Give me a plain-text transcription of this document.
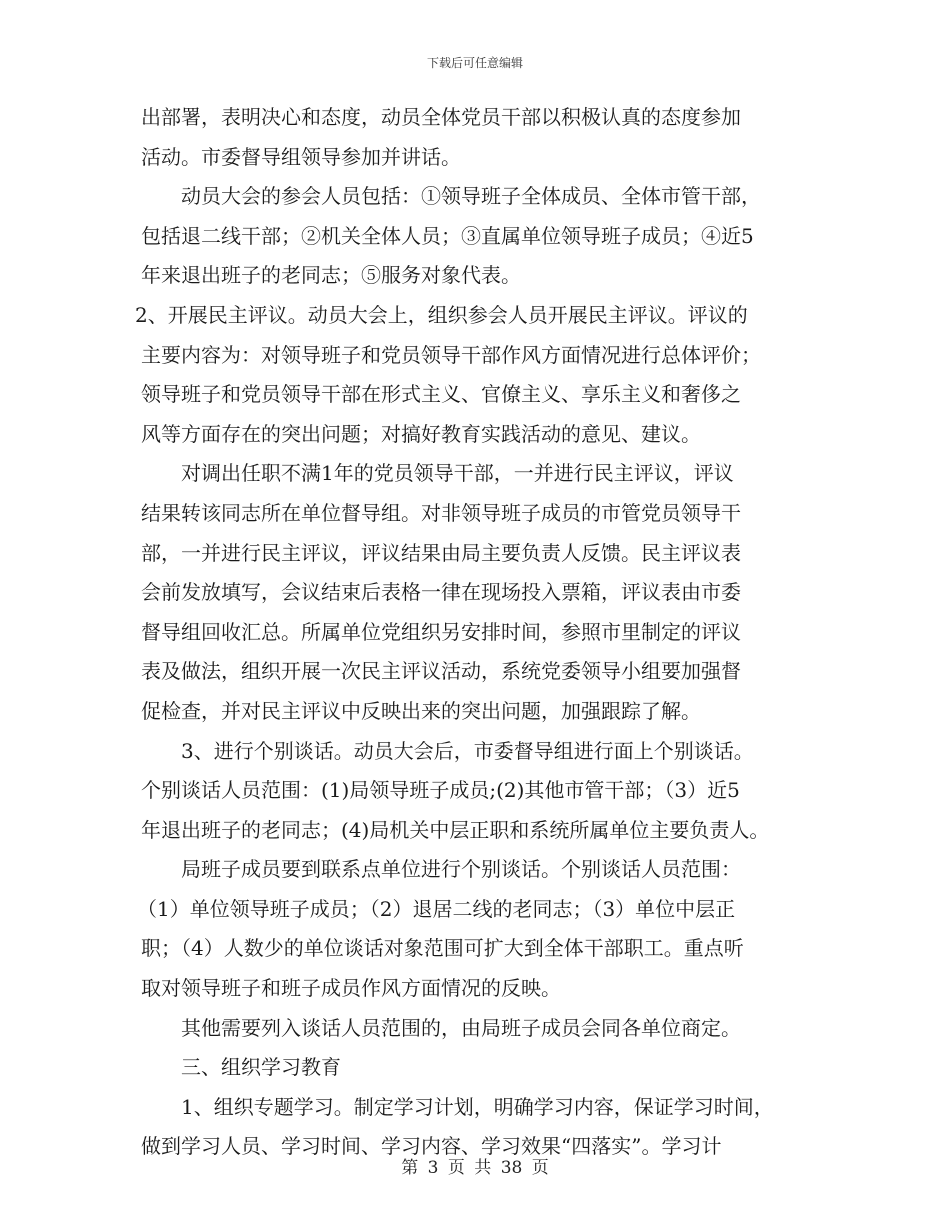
下载后可任意编辑
出部署，表明决心和态度，动员全体党员干部以积极认真的态度参加
活动。市委督导组领导参加并讲话。
　　动员大会的参会人员包括：①领导班子全体成员、全体市管干部，
包括退二线干部；②机关全体人员；③直属单位领导班子成员；④近5
年来退出班子的老同志；⑤服务对象代表。
2、开展民主评议。动员大会上，组织参会人员开展民主评议。评议的
主要内容为：对领导班子和党员领导干部作风方面情况进行总体评价；
领导班子和党员领导干部在形式主义、官僚主义、享乐主义和奢侈之
风等方面存在的突出问题；对搞好教育实践活动的意见、建议。
　　对调出任职不满1年的党员领导干部，一并进行民主评议，评议
结果转该同志所在单位督导组。对非领导班子成员的市管党员领导干
部，一并进行民主评议，评议结果由局主要负责人反馈。民主评议表
会前发放填写，会议结束后表格一律在现场投入票箱，评议表由市委
督导组回收汇总。所属单位党组织另安排时间，参照市里制定的评议
表及做法，组织开展一次民主评议活动，系统党委领导小组要加强督
促检查，并对民主评议中反映出来的突出问题，加强跟踪了解。
　　3、进行个别谈话。动员大会后，市委督导组进行面上个别谈话。
个别谈话人员范围：(1)局领导班子成员;(2)其他市管干部；（3）近5
年退出班子的老同志；(4)局机关中层正职和系统所属单位主要负责人。
　　局班子成员要到联系点单位进行个别谈话。个别谈话人员范围：
（1）单位领导班子成员；（2）退居二线的老同志；（3）单位中层正
职；（4）人数少的单位谈话对象范围可扩大到全体干部职工。重点听
取对领导班子和班子成员作风方面情况的反映。
　　其他需要列入谈话人员范围的，由局班子成员会同各单位商定。
　　三、组织学习教育
　　1、组织专题学习。制定学习计划，明确学习内容，保证学习时间，
做到学习人员、学习时间、学习内容、学习效果“四落实”。学习计
第 3 页 共 38 页
